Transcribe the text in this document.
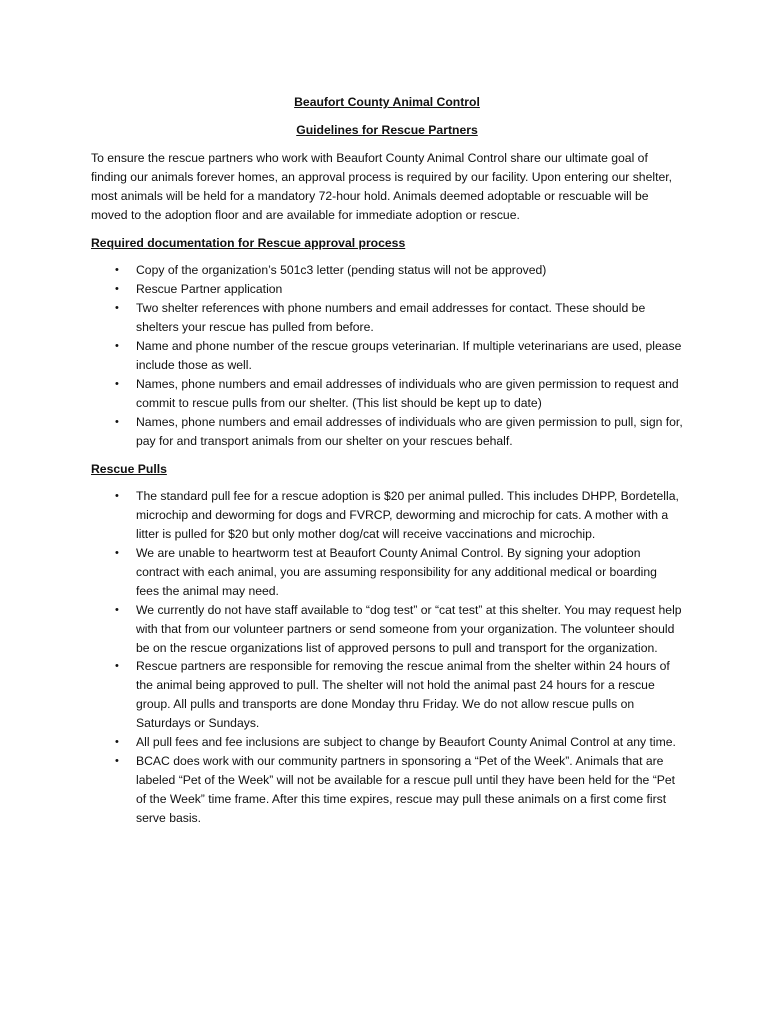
Beaufort County Animal Control

Guidelines for Rescue Partners

To ensure the rescue partners who work with Beaufort County Animal Control share our ultimate goal of finding our animals forever homes, an approval process is required by our facility. Upon entering our shelter, most animals will be held for a mandatory 72-hour hold. Animals deemed adoptable or rescuable will be moved to the adoption floor and are available for immediate adoption or rescue.

Required documentation for Rescue approval process

• Copy of the organization’s 501c3 letter (pending status will not be approved)
• Rescue Partner application
• Two shelter references with phone numbers and email addresses for contact. These should be shelters your rescue has pulled from before.
• Name and phone number of the rescue groups veterinarian. If multiple veterinarians are used, please include those as well.
• Names, phone numbers and email addresses of individuals who are given permission to request and commit to rescue pulls from our shelter. (This list should be kept up to date)
• Names, phone numbers and email addresses of individuals who are given permission to pull, sign for, pay for and transport animals from our shelter on your rescues behalf.

Rescue Pulls

• The standard pull fee for a rescue adoption is $20 per animal pulled. This includes DHPP, Bordetella, microchip and deworming for dogs and FVRCP, deworming and microchip for cats. A mother with a litter is pulled for $20 but only mother dog/cat will receive vaccinations and microchip.
• We are unable to heartworm test at Beaufort County Animal Control. By signing your adoption contract with each animal, you are assuming responsibility for any additional medical or boarding fees the animal may need.
• We currently do not have staff available to “dog test” or “cat test” at this shelter. You may request help with that from our volunteer partners or send someone from your organization. The volunteer should be on the rescue organizations list of approved persons to pull and transport for the organization.
• Rescue partners are responsible for removing the rescue animal from the shelter within 24 hours of the animal being approved to pull. The shelter will not hold the animal past 24 hours for a rescue group. All pulls and transports are done Monday thru Friday. We do not allow rescue pulls on Saturdays or Sundays.
• All pull fees and fee inclusions are subject to change by Beaufort County Animal Control at any time.
• BCAC does work with our community partners in sponsoring a “Pet of the Week”. Animals that are labeled “Pet of the Week” will not be available for a rescue pull until they have been held for the “Pet of the Week” time frame. After this time expires, rescue may pull these animals on a first come first serve basis.
